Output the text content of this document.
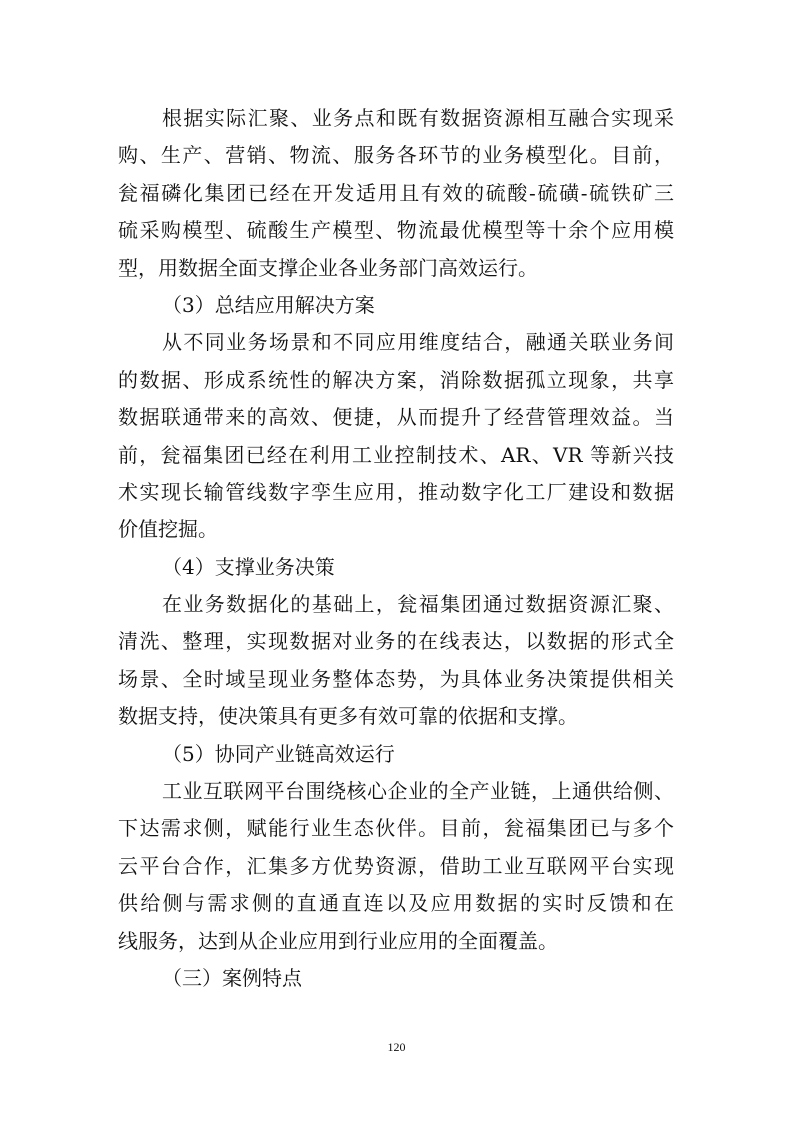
根据实际汇聚、业务点和既有数据资源相互融合实现采
购、生产、营销、物流、服务各环节的业务模型化。目前，
瓮福磷化集团已经在开发适用且有效的硫酸-硫磺-硫铁矿三
硫采购模型、硫酸生产模型、物流最优模型等十余个应用模
型，用数据全面支撑企业各业务部门高效运行。
（3）总结应用解决方案
从不同业务场景和不同应用维度结合，融通关联业务间
的数据、形成系统性的解决方案，消除数据孤立现象，共享
数据联通带来的高效、便捷，从而提升了经营管理效益。当
前，瓮福集团已经在利用工业控制技术、AR、VR 等新兴技
术实现长输管线数字孪生应用，推动数字化工厂建设和数据
价值挖掘。
（4）支撑业务决策
在业务数据化的基础上，瓮福集团通过数据资源汇聚、
清洗、整理，实现数据对业务的在线表达，以数据的形式全
场景、全时域呈现业务整体态势，为具体业务决策提供相关
数据支持，使决策具有更多有效可靠的依据和支撑。
（5）协同产业链高效运行
工业互联网平台围绕核心企业的全产业链，上通供给侧、
下达需求侧，赋能行业生态伙伴。目前，瓮福集团已与多个
云平台合作，汇集多方优势资源，借助工业互联网平台实现
供给侧与需求侧的直通直连以及应用数据的实时反馈和在
线服务，达到从企业应用到行业应用的全面覆盖。
（三）案例特点
120
